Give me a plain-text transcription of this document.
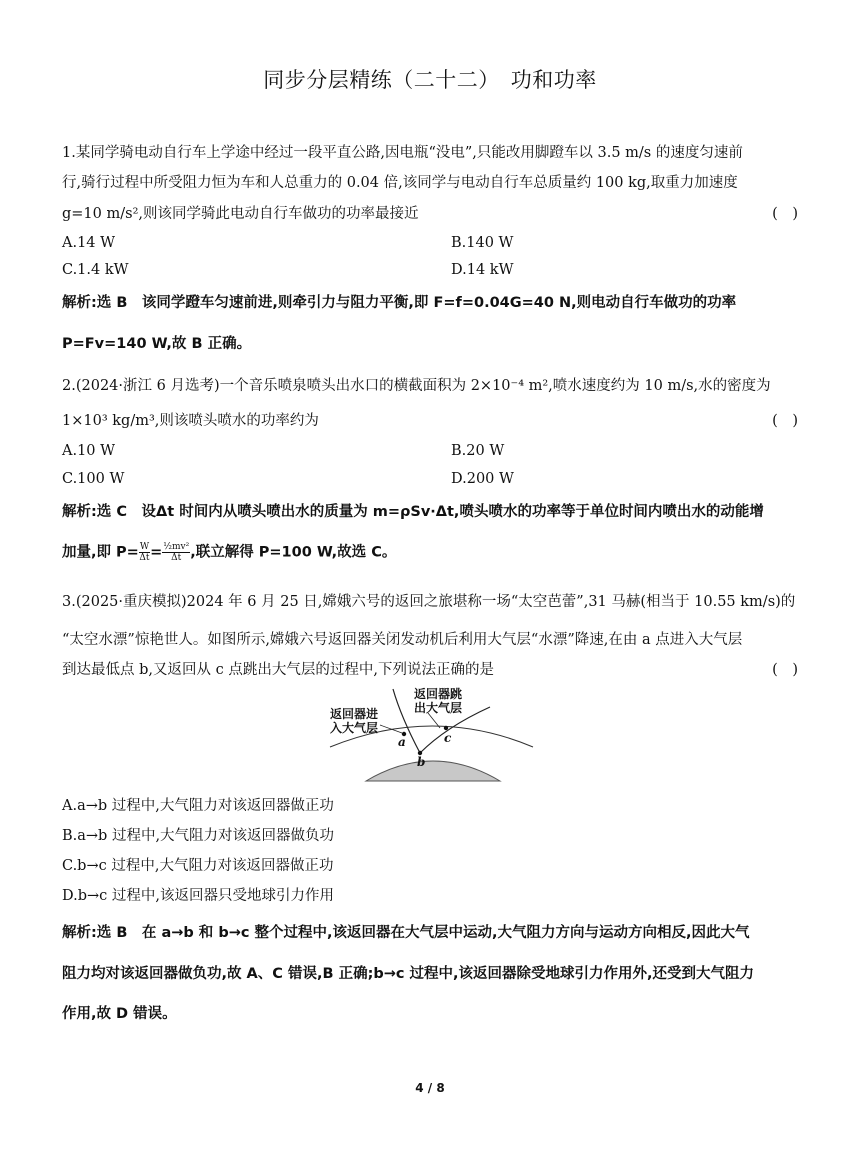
同步分层精练（二十二）　功和功率
1.某同学骑电动自行车上学途中经过一段平直公路,因电瓶“没电”,只能改用脚蹬车以 3.5 m/s 的速度匀速前
行,骑行过程中所受阻力恒为车和人总重力的 0.04 倍,该同学与电动自行车总质量约 100 kg,取重力加速度
g=10 m/s²,则该同学骑此电动自行车做功的功率最接近	(　)
A.14 W	B.140 W
C.1.4 kW	D.14 kW
解析:选 B　该同学蹬车匀速前进,则牵引力与阻力平衡,即 F=f=0.04G=40 N,则电动自行车做功的功率
P=Fv=140 W,故 B 正确。
2.(2024·浙江 6 月选考)一个音乐喷泉喷头出水口的横截面积为 2×10⁻⁴ m²,喷水速度约为 10 m/s,水的密度为
1×10³ kg/m³,则该喷头喷水的功率约为	(　)
A.10 W	B.20 W
C.100 W	D.200 W
解析:选 C　设Δt 时间内从喷头喷出水的质量为 m=ρSv·Δt,喷头喷水的功率等于单位时间内喷出水的动能增
加量,即 $P= \frac{W}{\Delta t} = \frac{\text{½mv²}}{\Delta t}$ ,联立解得 P=100 W,故选 C。
3.(2025·重庆模拟)2024 年 6 月 25 日,嫦娥六号的返回之旅堪称一场“太空芭蕾”,31 马赫(相当于 10.55 km/s)的
“太空水漂”惊艳世人。如图所示,嫦娥六号返回器关闭发动机后利用大气层“水漂”降速,在由 a 点进入大气层
到达最低点 b,又返回从 c 点跳出大气层的过程中,下列说法正确的是	(　)
返回器进
入大气层
返回器跳
出大气层
a
b
c
A.a→b 过程中,大气阻力对该返回器做正功
B.a→b 过程中,大气阻力对该返回器做负功
C.b→c 过程中,大气阻力对该返回器做正功
D.b→c 过程中,该返回器只受地球引力作用
解析:选 B　在 a→b 和 b→c 整个过程中,该返回器在大气层中运动,大气阻力方向与运动方向相反,因此大气
阻力均对该返回器做负功,故 A、C 错误,B 正确;b→c 过程中,该返回器除受地球引力作用外,还受到大气阻力
作用,故 D 错误。
4 / 8
